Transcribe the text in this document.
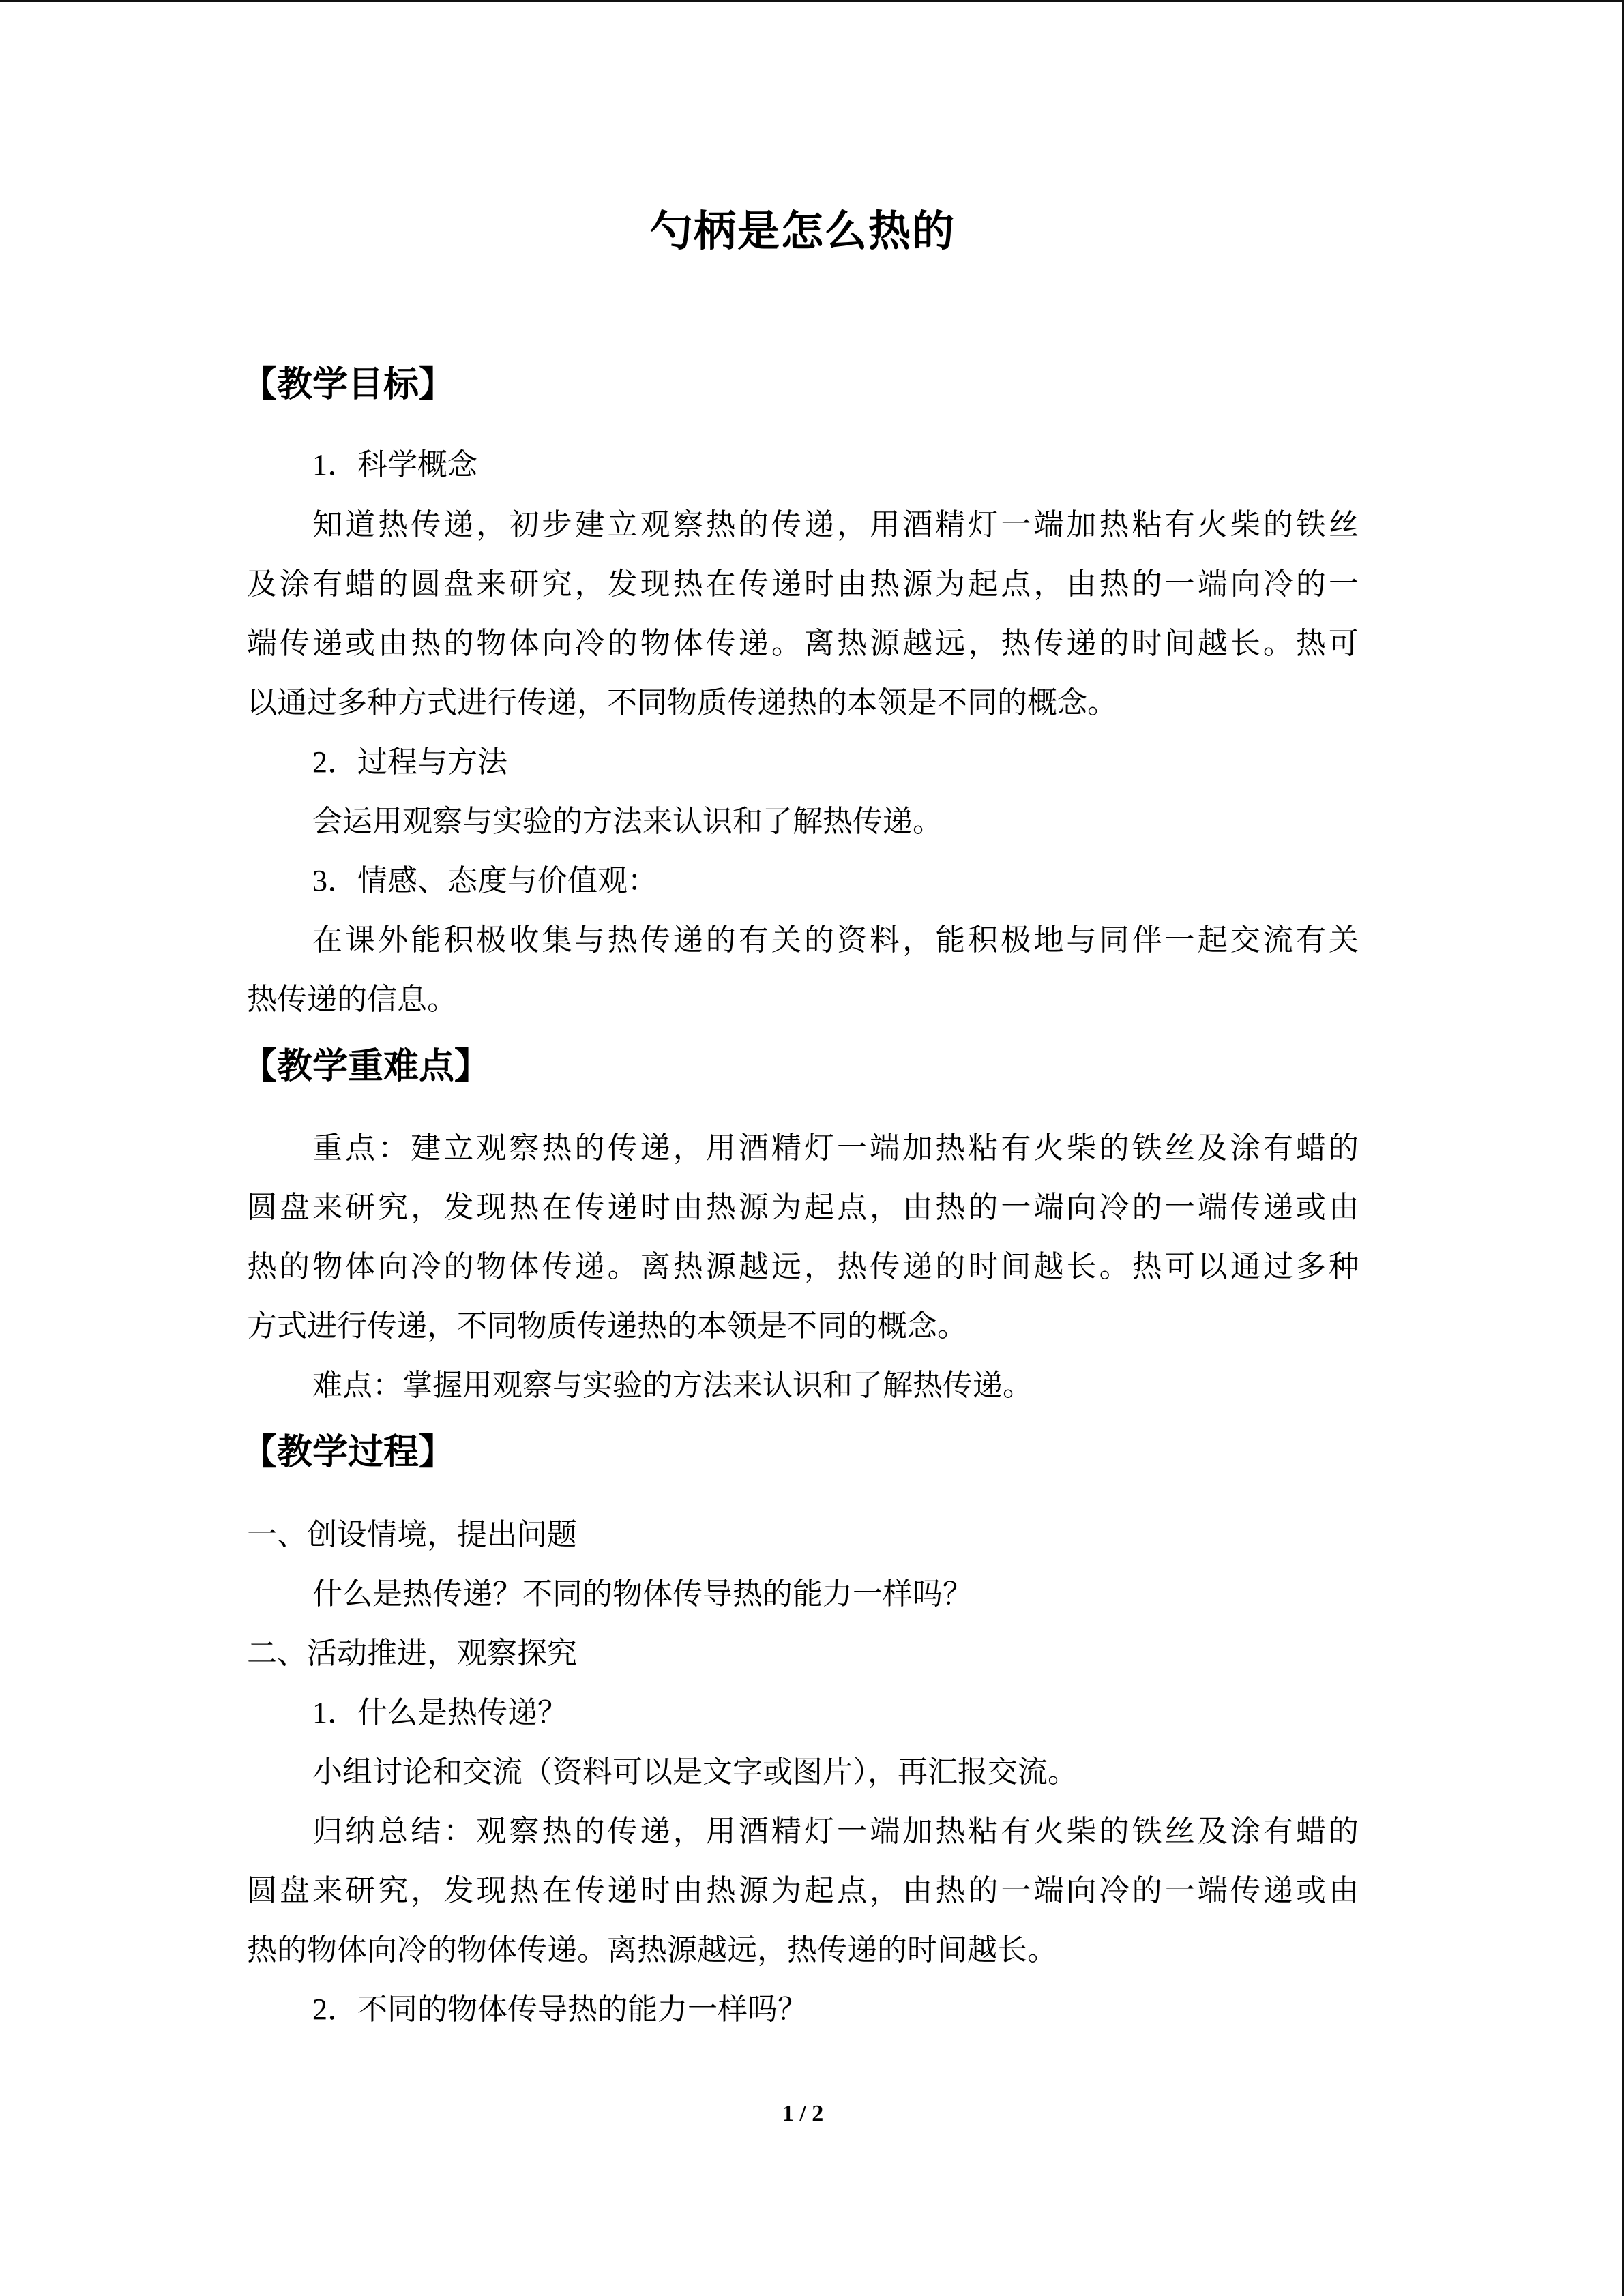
勺柄是怎么热的
【教学目标】
1．科学概念
知道热传递，初步建立观察热的传递，用酒精灯一端加热粘有火柴的铁丝
及涂有蜡的圆盘来研究，发现热在传递时由热源为起点，由热的一端向冷的一
端传递或由热的物体向冷的物体传递。离热源越远，热传递的时间越长。热可
以通过多种方式进行传递，不同物质传递热的本领是不同的概念。
2．过程与方法
会运用观察与实验的方法来认识和了解热传递。
3．情感、态度与价值观：
在课外能积极收集与热传递的有关的资料，能积极地与同伴一起交流有关
热传递的信息。
【教学重难点】
重点：建立观察热的传递，用酒精灯一端加热粘有火柴的铁丝及涂有蜡的
圆盘来研究，发现热在传递时由热源为起点，由热的一端向冷的一端传递或由
热的物体向冷的物体传递。离热源越远，热传递的时间越长。热可以通过多种
方式进行传递，不同物质传递热的本领是不同的概念。
难点：掌握用观察与实验的方法来认识和了解热传递。
【教学过程】
一、创设情境，提出问题
什么是热传递？不同的物体传导热的能力一样吗？
二、活动推进，观察探究
1．什么是热传递？
小组讨论和交流（资料可以是文字或图片），再汇报交流。
归纳总结：观察热的传递，用酒精灯一端加热粘有火柴的铁丝及涂有蜡的
圆盘来研究，发现热在传递时由热源为起点，由热的一端向冷的一端传递或由
热的物体向冷的物体传递。离热源越远，热传递的时间越长。
2．不同的物体传导热的能力一样吗？
1 / 2
